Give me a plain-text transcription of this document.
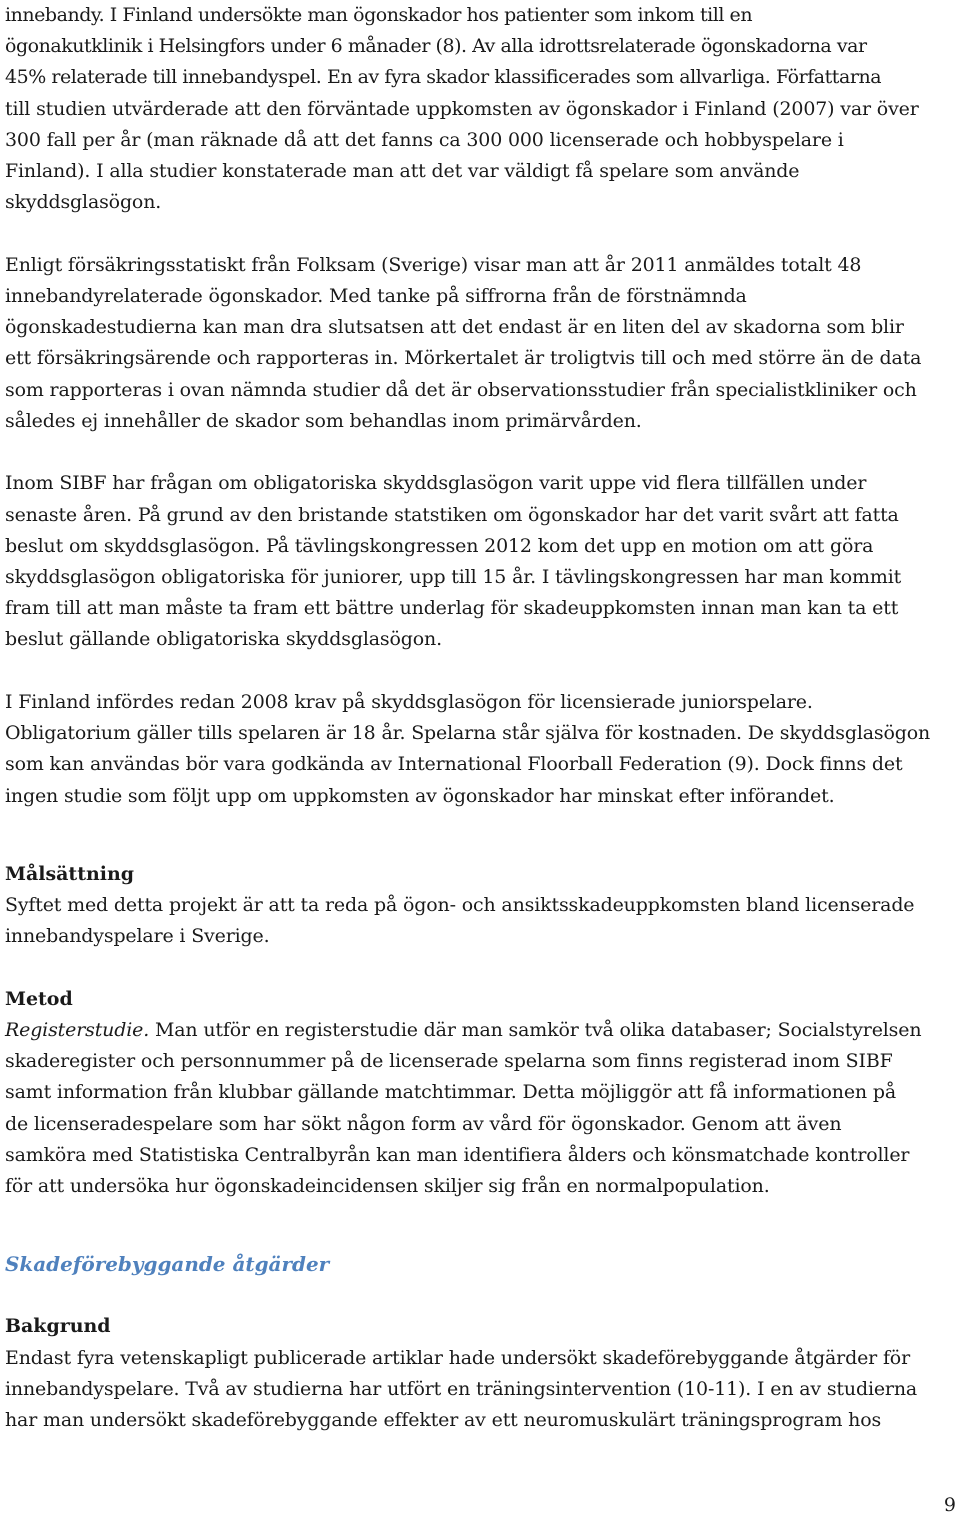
innebandy. I Finland undersökte man ögonskador hos patienter som inkom till en
ögonakutklinik i Helsingfors under 6 månader (8). Av alla idrottsrelaterade ögonskadorna var
45% relaterade till innebandyspel. En av fyra skador klassificerades som allvarliga. Författarna
till studien utvärderade att den förväntade uppkomsten av ögonskador i Finland (2007) var över
300 fall per år (man räknade då att det fanns ca 300 000 licenserade och hobbyspelare i
Finland). I alla studier konstaterade man att det var väldigt få spelare som använde
skyddsglasögon.
Enligt försäkringsstatiskt från Folksam (Sverige) visar man att år 2011 anmäldes totalt 48
innebandyrelaterade ögonskador. Med tanke på siffrorna från de förstnämnda
ögonskadestudierna kan man dra slutsatsen att det endast är en liten del av skadorna som blir
ett försäkringsärende och rapporteras in. Mörkertalet är troligtvis till och med större än de data
som rapporteras i ovan nämnda studier då det är observationsstudier från specialistkliniker och
således ej innehåller de skador som behandlas inom primärvården.
Inom SIBF har frågan om obligatoriska skyddsglasögon varit uppe vid flera tillfällen under
senaste åren. På grund av den bristande statstiken om ögonskador har det varit svårt att fatta
beslut om skyddsglasögon. På tävlingskongressen 2012 kom det upp en motion om att göra
skyddsglasögon obligatoriska för juniorer, upp till 15 år. I tävlingskongressen har man kommit
fram till att man måste ta fram ett bättre underlag för skadeuppkomsten innan man kan ta ett
beslut gällande obligatoriska skyddsglasögon.
I Finland infördes redan 2008 krav på skyddsglasögon för licensierade juniorspelare.
Obligatorium gäller tills spelaren är 18 år. Spelarna står själva för kostnaden. De skyddsglasögon
som kan användas bör vara godkända av International Floorball Federation (9). Dock finns det
ingen studie som följt upp om uppkomsten av ögonskador har minskat efter införandet.
Målsättning
Syftet med detta projekt är att ta reda på ögon- och ansiktsskadeuppkomsten bland licenserade
innebandyspelare i Sverige.
Metod
Registerstudie. Man utför en registerstudie där man samkör två olika databaser; Socialstyrelsen
skaderegister och personnummer på de licenserade spelarna som finns registerad inom SIBF
samt information från klubbar gällande matchtimmar. Detta möjliggör att få informationen på
de licenseradespelare som har sökt någon form av vård för ögonskador. Genom att även
samköra med Statistiska Centralbyrån kan man identifiera ålders och könsmatchade kontroller
för att undersöka hur ögonskadeincidensen skiljer sig från en normalpopulation.
Skadeförebyggande åtgärder
Bakgrund
Endast fyra vetenskapligt publicerade artiklar hade undersökt skadeförebyggande åtgärder för
innebandyspelare. Två av studierna har utfört en träningsintervention (10-11). I en av studierna
har man undersökt skadeförebyggande effekter av ett neuromuskulärt träningsprogram hos
9
